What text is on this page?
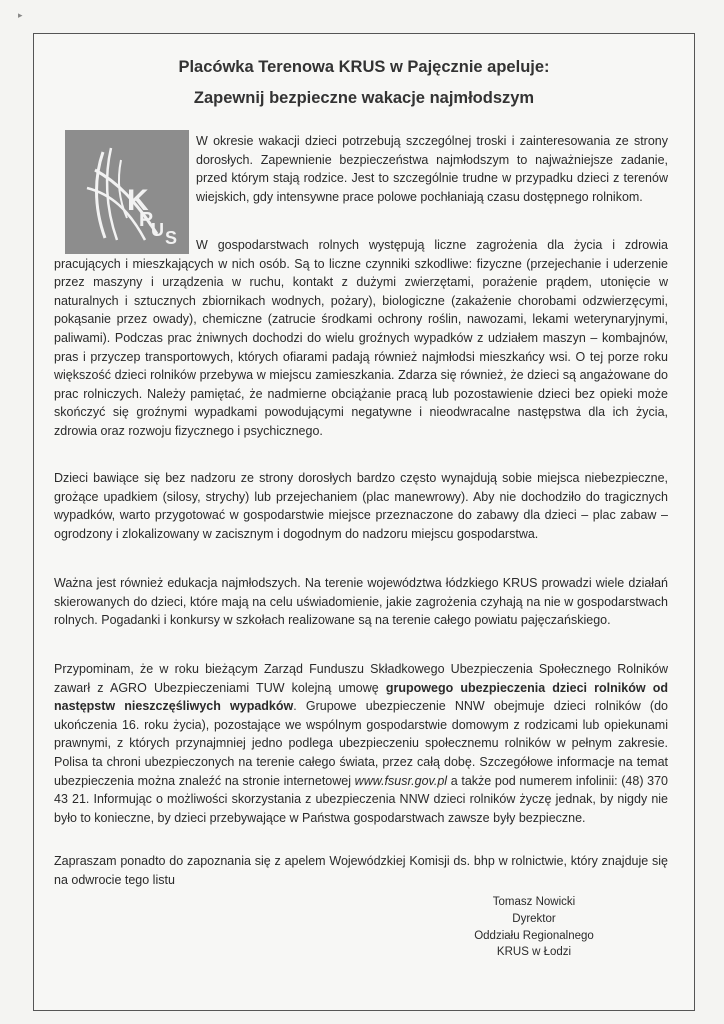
▸
Placówka Terenowa KRUS w Pajęcznie apeluje:
Zapewnij bezpieczne wakacje najmłodszym
K
R
U S
W okresie wakacji dzieci potrzebują szczególnej troski i zainteresowania ze strony dorosłych. Zapewnienie bezpieczeństwa najmłodszym to najważniejsze zadanie, przed którym stają rodzice. Jest to szczególnie trudne w przypadku dzieci z terenów wiejskich, gdy intensywne prace polowe pochłaniają czasu dostępnego rolnikom.
W gospodarstwach rolnych występują liczne zagrożenia dla życia i zdrowia pracujących i mieszkających w nich osób. Są to liczne czynniki szkodliwe: fizyczne (przejechanie i uderzenie przez maszyny i urządzenia w ruchu, kontakt z dużymi zwierzętami, porażenie prądem, utonięcie w naturalnych i sztucznych zbiornikach wodnych, pożary), biologiczne (zakażenie chorobami odzwierzęcymi, pokąsanie przez owady), chemiczne (zatrucie środkami ochrony roślin, nawozami, lekami weterynaryjnymi, paliwami). Podczas prac żniwnych dochodzi do wielu groźnych wypadków z udziałem maszyn – kombajnów, pras i przyczep transportowych, których ofiarami padają również najmłodsi mieszkańcy wsi. O tej porze roku większość dzieci rolników przebywa w miejscu zamieszkania. Zdarza się również, że dzieci są angażowane do prac rolniczych. Należy pamiętać, że nadmierne obciążanie pracą lub pozostawienie dzieci bez opieki może skończyć się groźnymi wypadkami powodującymi negatywne i nieodwracalne następstwa dla ich życia, zdrowia oraz rozwoju fizycznego i psychicznego.
Dzieci bawiące się bez nadzoru ze strony dorosłych bardzo często wynajdują sobie miejsca niebezpieczne, grożące upadkiem (silosy, strychy) lub przejechaniem (plac manewrowy). Aby nie dochodziło do tragicznych wypadków, warto przygotować w gospodarstwie miejsce przeznaczone do zabawy dla dzieci – plac zabaw – ogrodzony i zlokalizowany w zacisznym i dogodnym do nadzoru miejscu gospodarstwa.
Ważna jest również edukacja najmłodszych. Na terenie województwa łódzkiego KRUS prowadzi wiele działań skierowanych do dzieci, które mają na celu uświadomienie, jakie zagrożenia czyhają na nie w gospodarstwach rolnych. Pogadanki i konkursy w szkołach realizowane są na terenie całego powiatu pajęczańskiego.
Przypominam, że w roku bieżącym Zarząd Funduszu Składkowego Ubezpieczenia Społecznego Rolników zawarł z AGRO Ubezpieczeniami TUW kolejną umowę grupowego ubezpieczenia dzieci rolników od następstw nieszczęśliwych wypadków. Grupowe ubezpieczenie NNW obejmuje dzieci rolników (do ukończenia 16. roku życia), pozostające we wspólnym gospodarstwie domowym z rodzicami lub opiekunami prawnymi, z których przynajmniej jedno podlega ubezpieczeniu społecznemu rolników w pełnym zakresie. Polisa ta chroni ubezpieczonych na terenie całego świata, przez całą dobę. Szczegółowe informacje na temat ubezpieczenia można znaleźć na stronie internetowej www.fsusr.gov.pl a także pod numerem infolinii: (48) 370 43 21. Informując o możliwości skorzystania z ubezpieczenia NNW dzieci rolników życzę jednak, by nigdy nie było to konieczne, by dzieci przebywające w Państwa gospodarstwach zawsze były bezpieczne.
Zapraszam ponadto do zapoznania się z apelem Wojewódzkiej Komisji ds. bhp w rolnictwie, który znajduje się na odwrocie tego listu
Tomasz Nowicki
Dyrektor
Oddziału Regionalnego
KRUS w Łodzi
